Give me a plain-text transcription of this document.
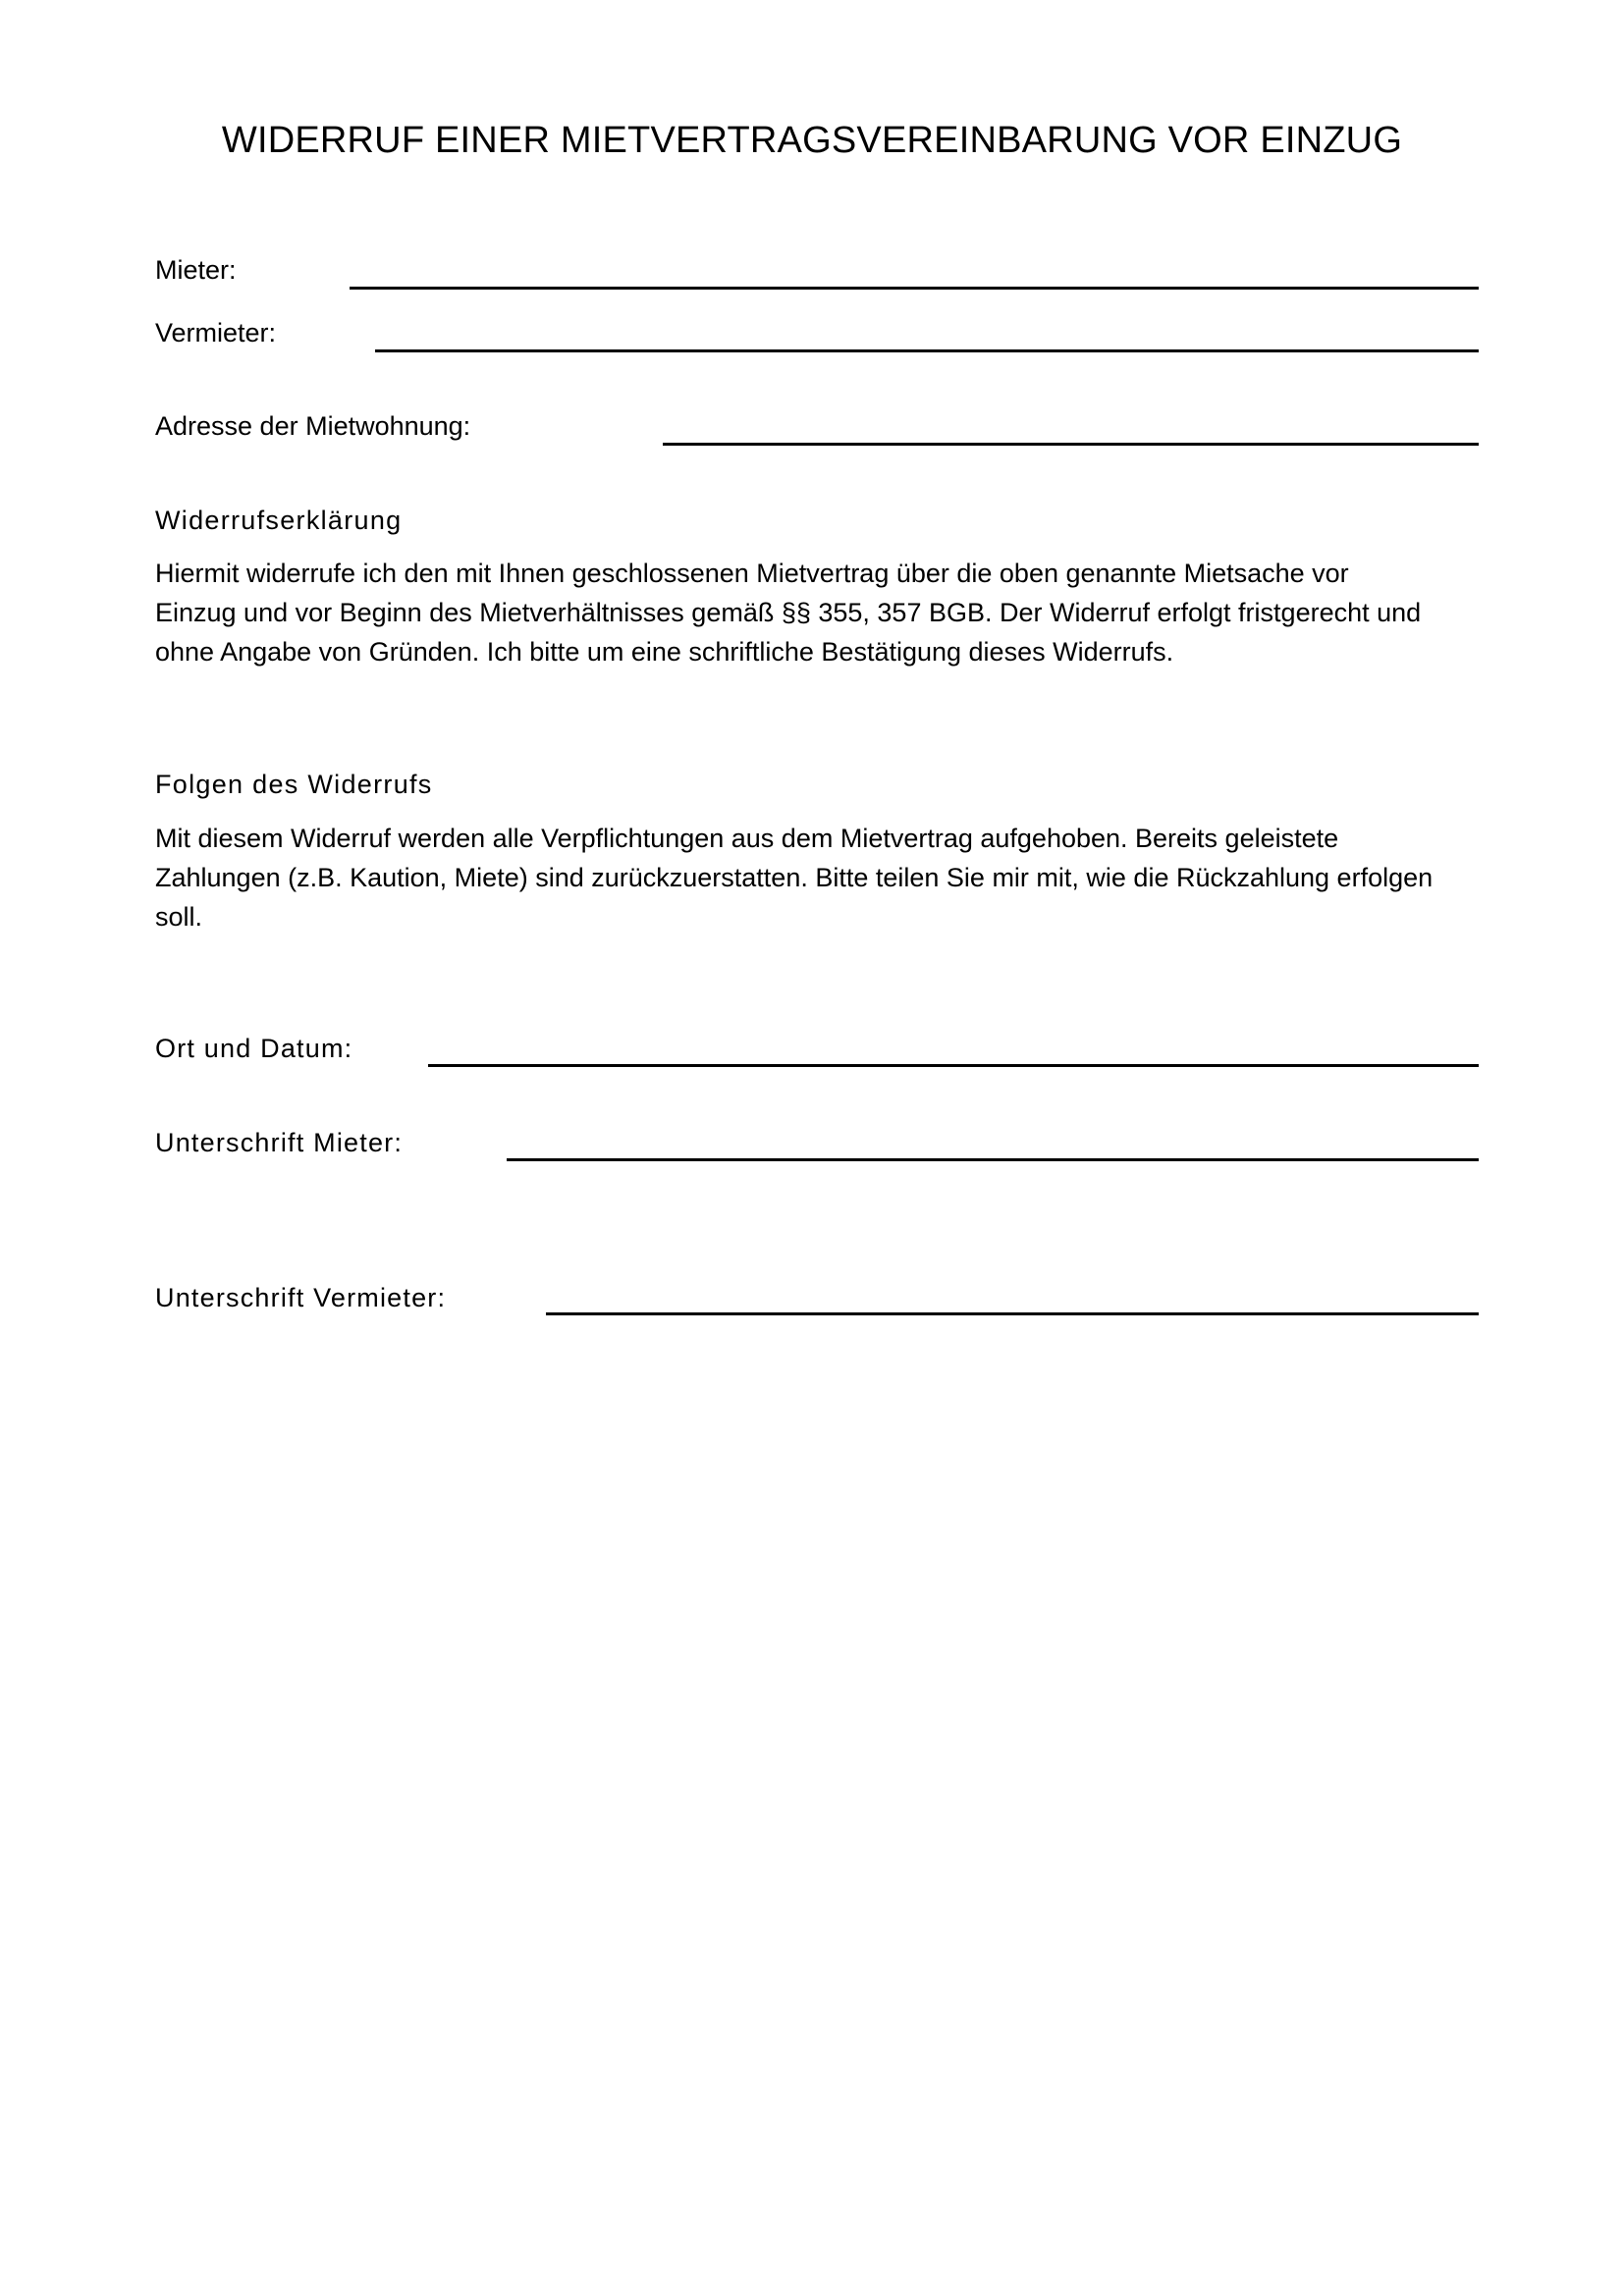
WIDERRUF EINER MIETVERTRAGSVEREINBARUNG VOR EINZUG
Mieter:
Vermieter:
Adresse der Mietwohnung:
Widerrufserklärung
Hiermit widerrufe ich den mit Ihnen geschlossenen Mietvertrag über die oben genannte Mietsache vor
Einzug und vor Beginn des Mietverhältnisses gemäß §§ 355, 357 BGB. Der Widerruf erfolgt fristgerecht und
ohne Angabe von Gründen. Ich bitte um eine schriftliche Bestätigung dieses Widerrufs.
Folgen des Widerrufs
Mit diesem Widerruf werden alle Verpflichtungen aus dem Mietvertrag aufgehoben. Bereits geleistete
Zahlungen (z.B. Kaution, Miete) sind zurückzuerstatten. Bitte teilen Sie mir mit, wie die Rückzahlung erfolgen
soll.
Ort und Datum:
Unterschrift Mieter:
Unterschrift Vermieter:
